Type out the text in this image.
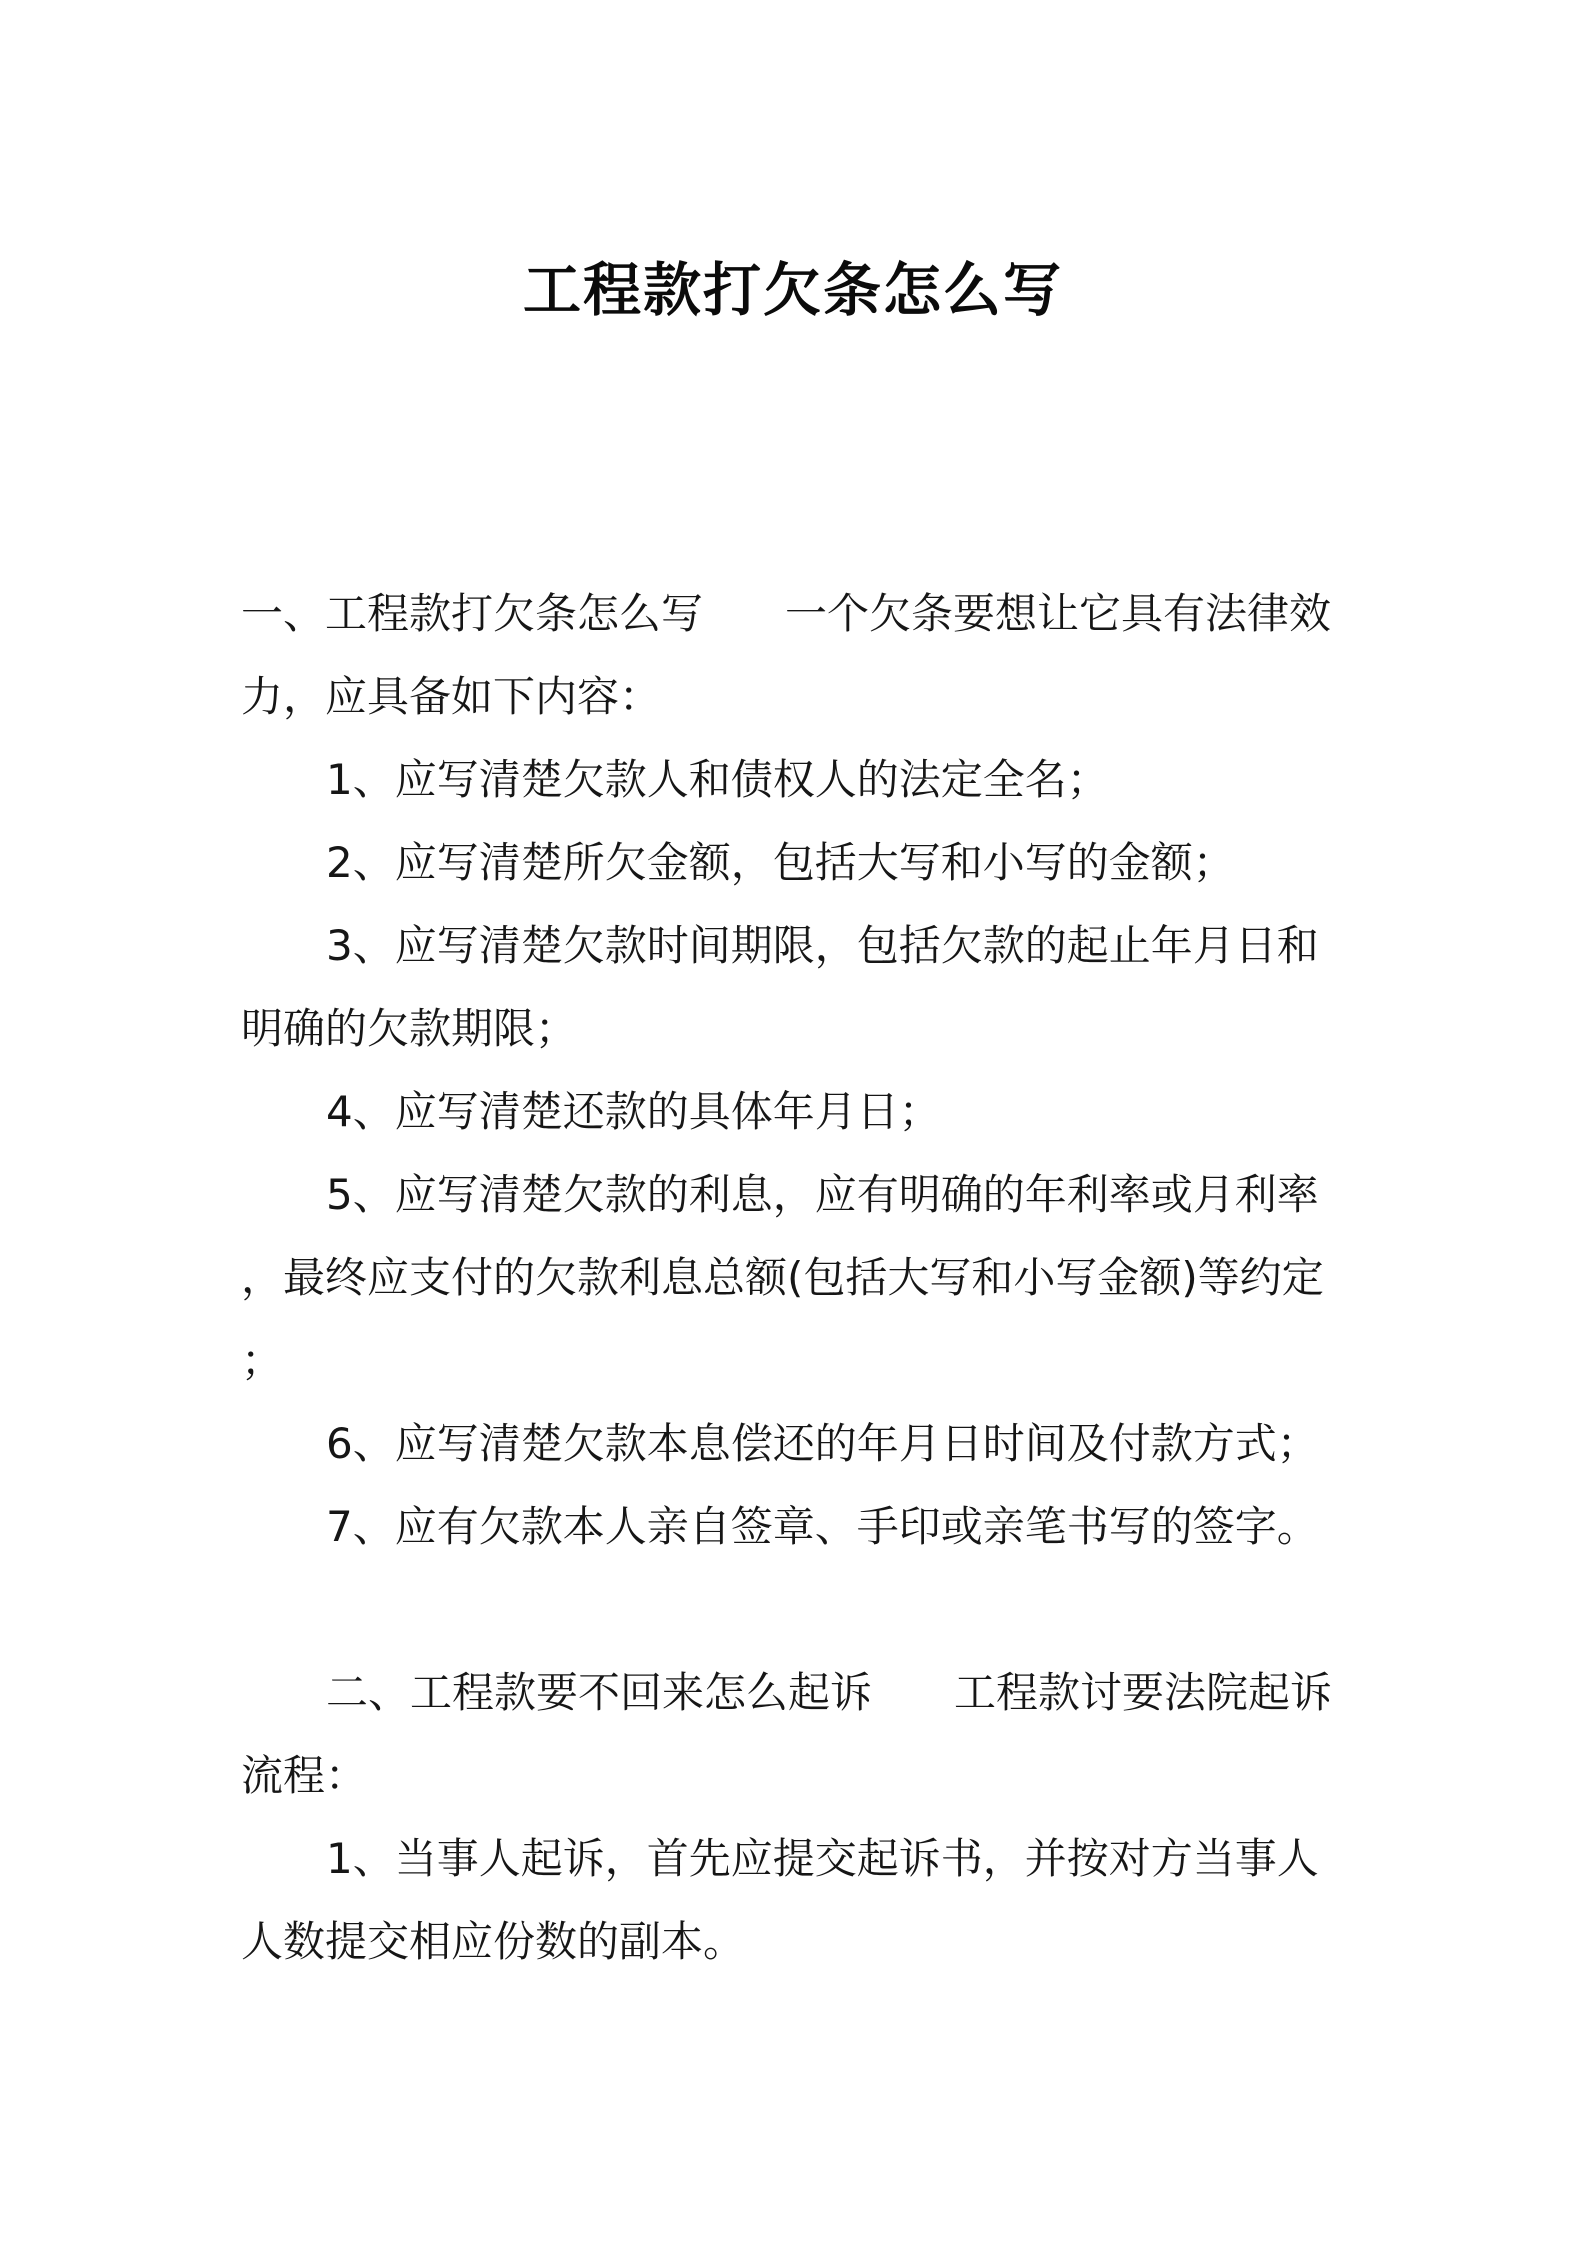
工程款打欠条怎么写

一、工程款打欠条怎么写 一个欠条要想让它具有法律效

力，应具备如下内容：

1、应写清楚欠款人和债权人的法定全名；

2、应写清楚所欠金额，包括大写和小写的金额；

3、应写清楚欠款时间期限，包括欠款的起止年月日和

明确的欠款期限；

4、应写清楚还款的具体年月日；

5、应写清楚欠款的利息，应有明确的年利率或月利率

，最终应支付的欠款利息总额(包括大写和小写金额)等约定

；

6、应写清楚欠款本息偿还的年月日时间及付款方式；

7、应有欠款本人亲自签章、手印或亲笔书写的签字。

二、工程款要不回来怎么起诉 工程款讨要法院起诉

流程：

1、当事人起诉，首先应提交起诉书，并按对方当事人

人数提交相应份数的副本。
